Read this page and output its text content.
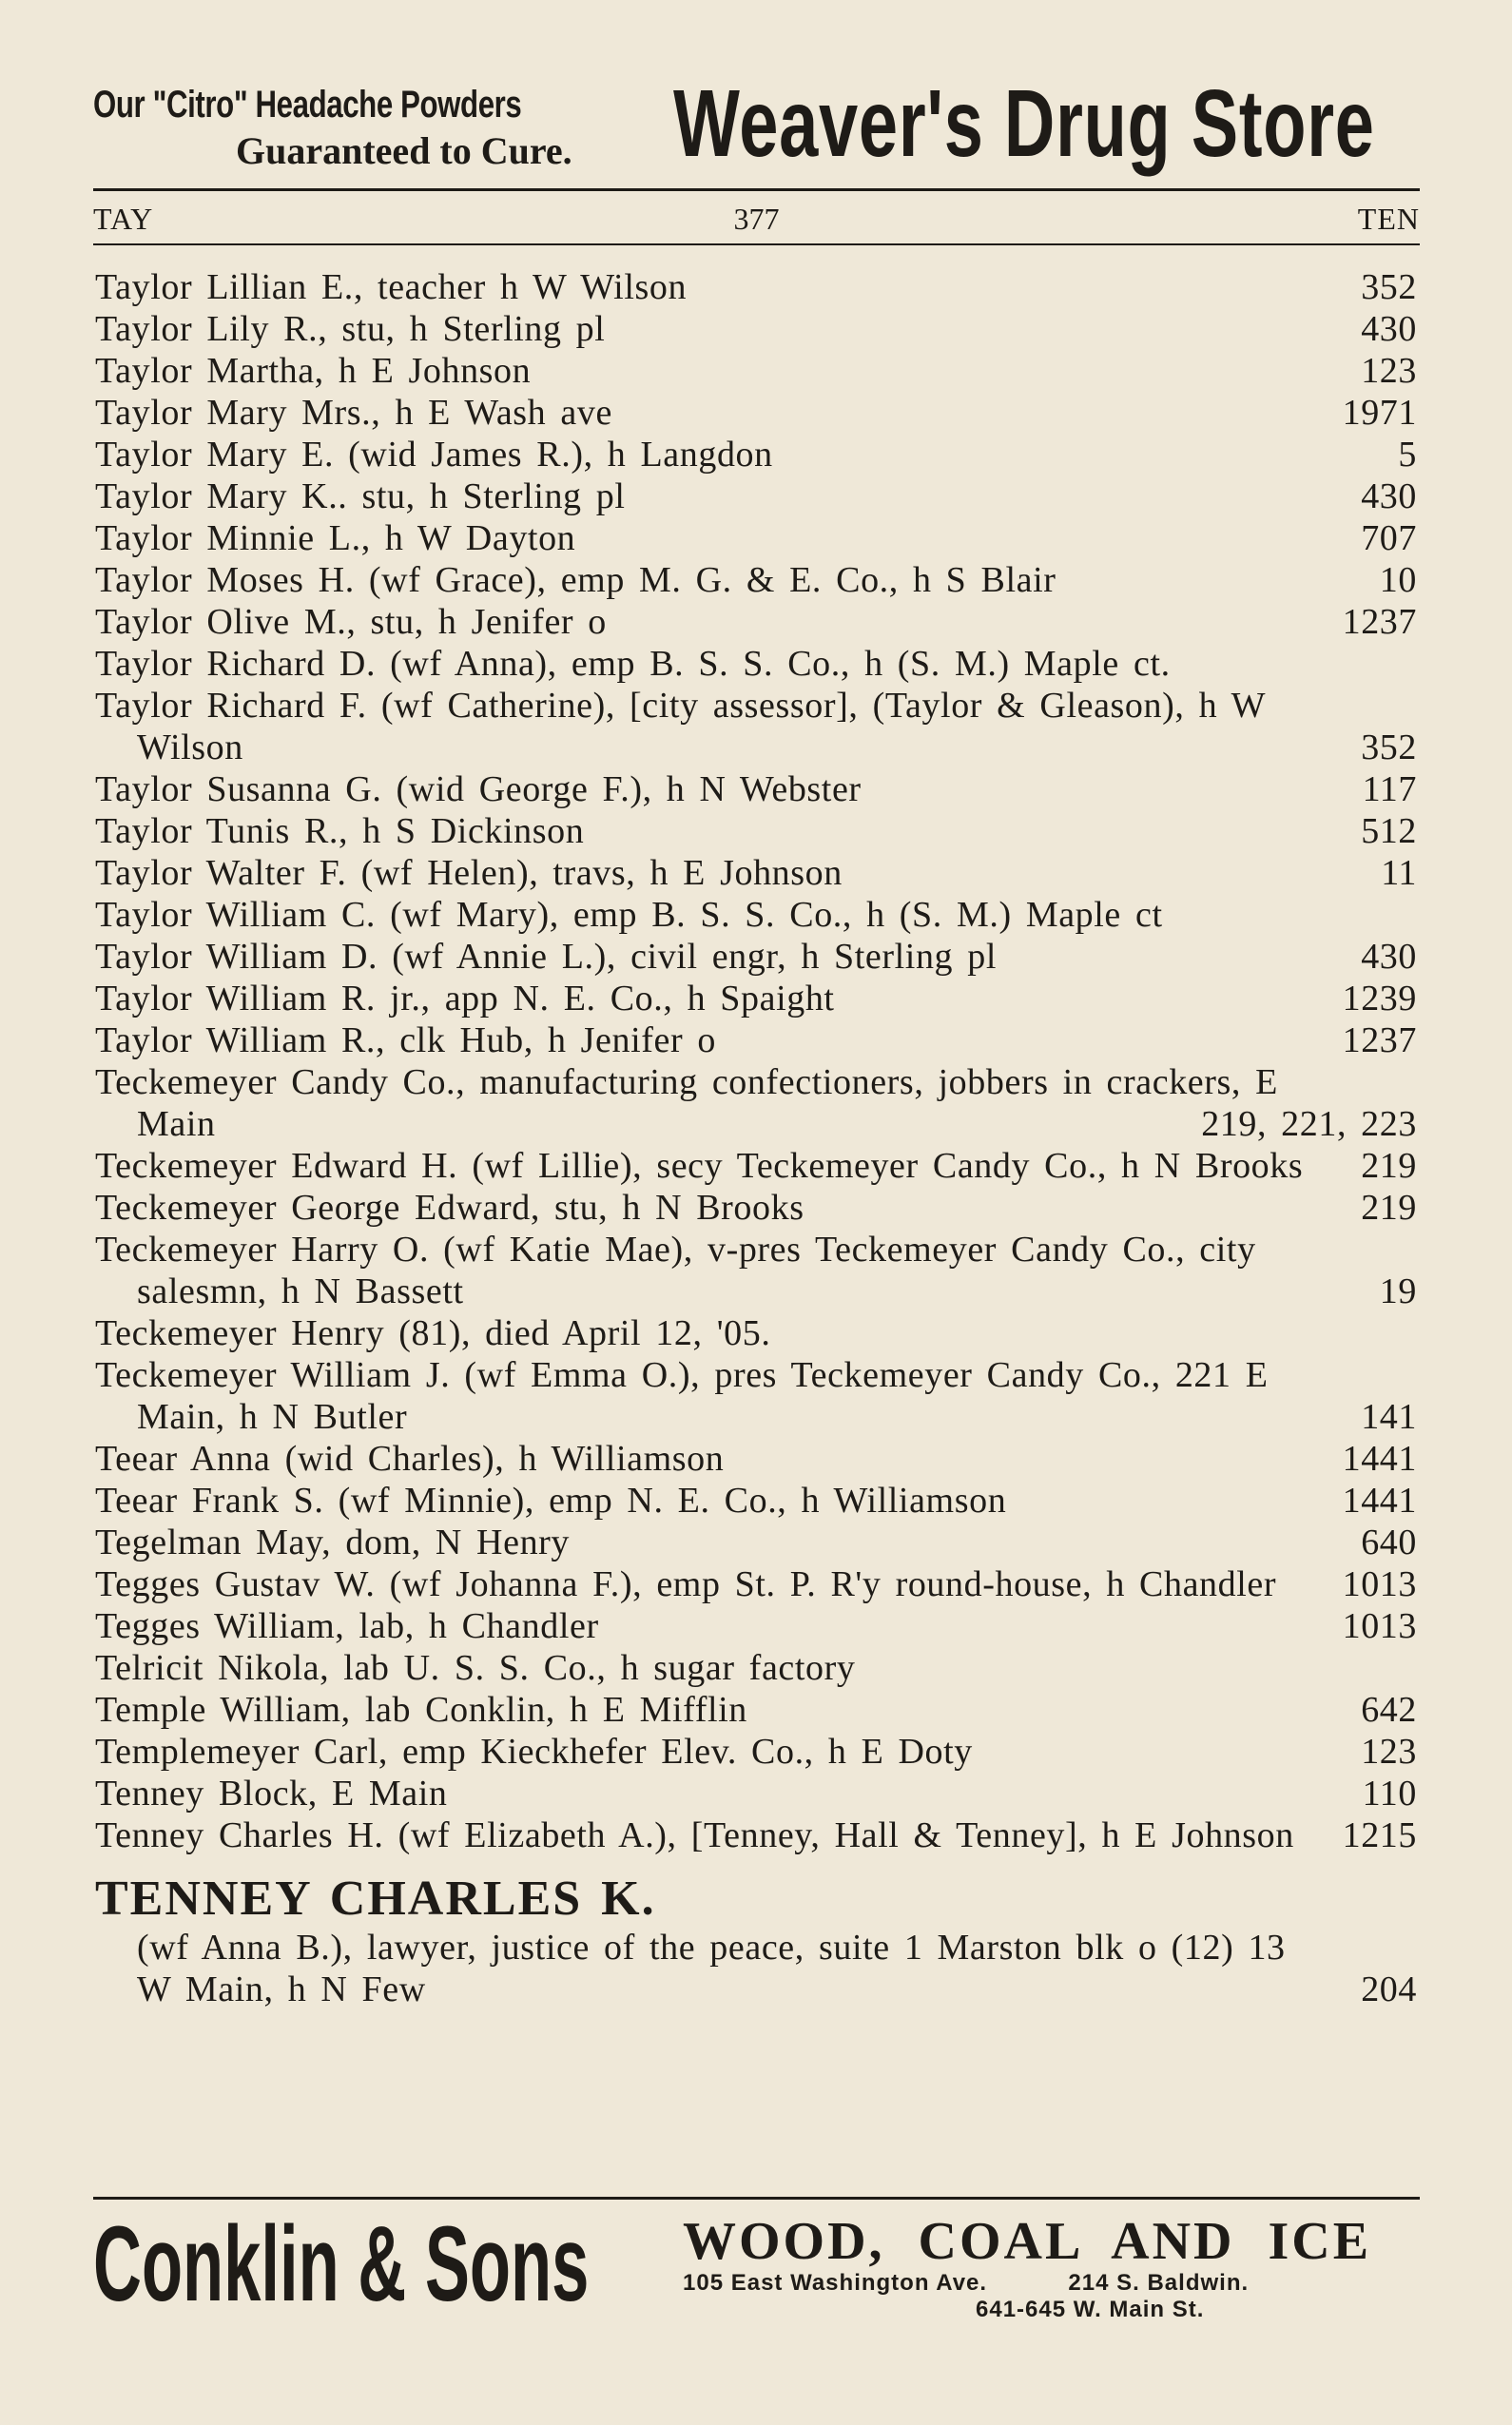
Our "Citro" Headache Powders
Guaranteed to Cure.	Weaver's Drug Store
TAY	377	TEN
Taylor Lillian E., teacher h W Wilson	352
Taylor Lily R., stu, h Sterling pl	430
Taylor Martha, h E Johnson	123
Taylor Mary Mrs., h E Wash ave	1971
Taylor Mary E. (wid James R.), h Langdon	5
Taylor Mary K.. stu, h Sterling pl	430
Taylor Minnie L., h W Dayton	707
Taylor Moses H. (wf Grace), emp M. G. & E. Co., h S Blair	10
Taylor Olive M., stu, h Jenifer o	1237
Taylor Richard D. (wf Anna), emp B. S. S. Co., h (S. M.) Maple ct.
Taylor Richard F. (wf Catherine), [city assessor], (Taylor & Gleason), h W Wilson	352
Taylor Susanna G. (wid George F.), h N Webster	117
Taylor Tunis R., h S Dickinson	512
Taylor Walter F. (wf Helen), travs, h E Johnson	11
Taylor William C. (wf Mary), emp B. S. S. Co., h (S. M.) Maple ct
Taylor William D. (wf Annie L.), civil engr, h Sterling pl	430
Taylor William R. jr., app N. E. Co., h Spaight	1239
Taylor William R., clk Hub, h Jenifer o	1237
Teckemeyer Candy Co., manufacturing confectioners, jobbers in crackers, E Main	219, 221, 223
Teckemeyer Edward H. (wf Lillie), secy Teckemeyer Candy Co., h N Brooks	219
Teckemeyer George Edward, stu, h N Brooks	219
Teckemeyer Harry O. (wf Katie Mae), v-pres Teckemeyer Candy Co., city salesmn, h N Bassett	19
Teckemeyer Henry (81), died April 12, '05.
Teckemeyer William J. (wf Emma O.), pres Teckemeyer Candy Co., 221 E Main, h N Butler	141
Teear Anna (wid Charles), h Williamson	1441
Teear Frank S. (wf Minnie), emp N. E. Co., h Williamson	1441
Tegelman May, dom, N Henry	640
Tegges Gustav W. (wf Johanna F.), emp St. P. R'y round-house, h Chandler	1013
Tegges William, lab, h Chandler	1013
Telricit Nikola, lab U. S. S. Co., h sugar factory
Temple William, lab Conklin, h E Mifflin	642
Templemeyer Carl, emp Kieckhefer Elev. Co., h E Doty	123
Tenney Block, E Main	110
Tenney Charles H. (wf Elizabeth A.), [Tenney, Hall & Tenney], h E Johnson	1215
TENNEY CHARLES K.
(wf Anna B.), lawyer, justice of the peace, suite 1 Marston blk o (12) 13 W Main, h N Few	204
Conklin & Sons WOOD, COAL AND ICE
105 East Washington Ave.	214 S. Baldwin.
641-645 W. Main St.
